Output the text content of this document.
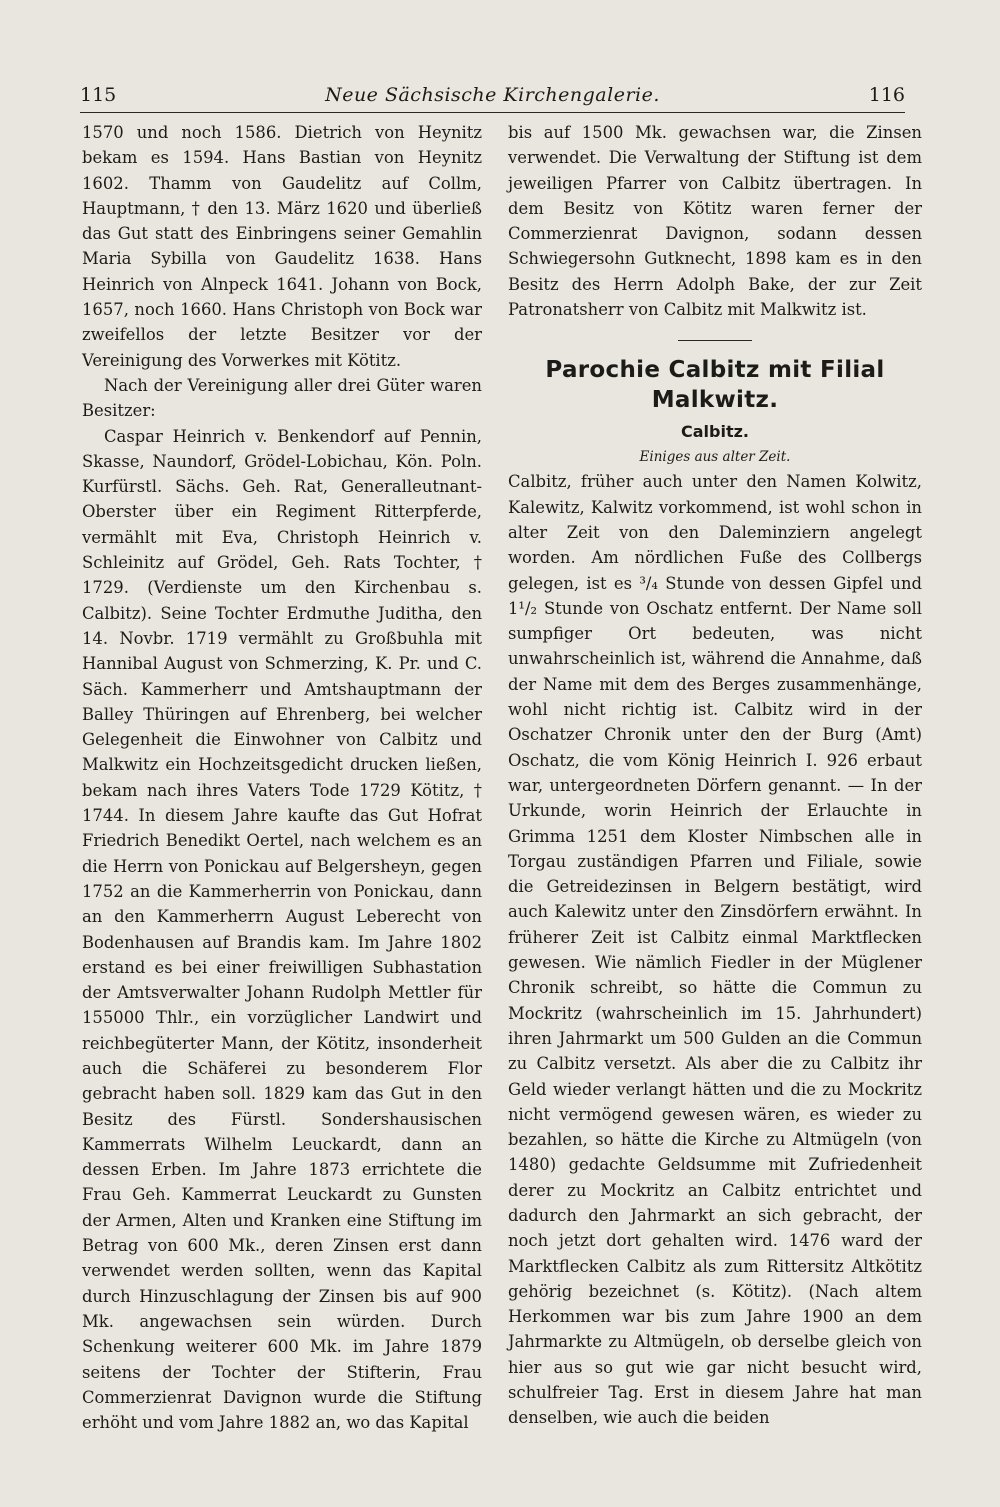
115	Neue Sächsische Kirchengalerie.	116

1570 und noch 1586. Dietrich von Heynitz bekam es 1594. Hans Bastian von Heynitz 1602. Thamm von Gaudelitz auf Collm, Hauptmann, † den 13. März 1620 und überließ das Gut statt des Einbringens seiner Gemahlin Maria Sybilla von Gaudelitz 1638. Hans Heinrich von Alnpeck 1641. Johann von Bock, 1657, noch 1660. Hans Christoph von Bock war zweifellos der letzte Besitzer vor der Vereinigung des Vorwerkes mit Kötitz.

Nach der Vereinigung aller drei Güter waren Besitzer:

Caspar Heinrich v. Benkendorf auf Pennin, Skasse, Naundorf, Grödel-Lobichau, Kön. Poln. Kurfürstl. Sächs. Geh. Rat, Generalleutnant-Oberster über ein Regiment Ritterpferde, vermählt mit Eva, Christoph Heinrich v. Schleinitz auf Grödel, Geh. Rats Tochter, † 1729. (Verdienste um den Kirchenbau s. Calbitz). Seine Tochter Erdmuthe Juditha, den 14. Novbr. 1719 vermählt zu Großbuhla mit Hannibal August von Schmerzing, K. Pr. und C. Säch. Kammerherr und Amtshauptmann der Balley Thüringen auf Ehrenberg, bei welcher Gelegenheit die Einwohner von Calbitz und Malkwitz ein Hochzeitsgedicht drucken ließen, bekam nach ihres Vaters Tode 1729 Kötitz, † 1744. In diesem Jahre kaufte das Gut Hofrat Friedrich Benedikt Oertel, nach welchem es an die Herrn von Ponickau auf Belgersheyn, gegen 1752 an die Kammerherrin von Ponickau, dann an den Kammerherrn August Leberecht von Bodenhausen auf Brandis kam. Im Jahre 1802 erstand es bei einer freiwilligen Subhastation der Amtsverwalter Johann Rudolph Mettler für 155000 Thlr., ein vorzüglicher Landwirt und reichbegüterter Mann, der Kötitz, insonderheit auch die Schäferei zu besonderem Flor gebracht haben soll. 1829 kam das Gut in den Besitz des Fürstl. Sondershausischen Kammerrats Wilhelm Leuckardt, dann an dessen Erben. Im Jahre 1873 errichtete die Frau Geh. Kammerrat Leuckardt zu Gunsten der Armen, Alten und Kranken eine Stiftung im Betrag von 600 Mk., deren Zinsen erst dann verwendet werden sollten, wenn das Kapital durch Hinzuschlagung der Zinsen bis auf 900 Mk. angewachsen sein würden. Durch Schenkung weiterer 600 Mk. im Jahre 1879 seitens der Tochter der Stifterin, Frau Commerzienrat Davignon wurde die Stiftung erhöht und vom Jahre 1882 an, wo das Kapital

bis auf 1500 Mk. gewachsen war, die Zinsen verwendet. Die Verwaltung der Stiftung ist dem jeweiligen Pfarrer von Calbitz übertragen. In dem Besitz von Kötitz waren ferner der Commerzienrat Davignon, sodann dessen Schwiegersohn Gutknecht, 1898 kam es in den Besitz des Herrn Adolph Bake, der zur Zeit Patronatsherr von Calbitz mit Malkwitz ist.

Parochie Calbitz mit Filial Malkwitz.
Calbitz.
Einiges aus alter Zeit.

Calbitz, früher auch unter den Namen Kolwitz, Kalewitz, Kalwitz vorkommend, ist wohl schon in alter Zeit von den Daleminziern angelegt worden. Am nördlichen Fuße des Collbergs gelegen, ist es ³/₄ Stunde von dessen Gipfel und 1¹/₂ Stunde von Oschatz entfernt. Der Name soll sumpfiger Ort bedeuten, was nicht unwahrscheinlich ist, während die Annahme, daß der Name mit dem des Berges zusammenhänge, wohl nicht richtig ist. Calbitz wird in der Oschatzer Chronik unter den der Burg (Amt) Oschatz, die vom König Heinrich I. 926 erbaut war, untergeordneten Dörfern genannt. — In der Urkunde, worin Heinrich der Erlauchte in Grimma 1251 dem Kloster Nimbschen alle in Torgau zuständigen Pfarren und Filiale, sowie die Getreidezinsen in Belgern bestätigt, wird auch Kalewitz unter den Zinsdörfern erwähnt. In früherer Zeit ist Calbitz einmal Marktflecken gewesen. Wie nämlich Fiedler in der Müglener Chronik schreibt, so hätte die Commun zu Mockritz (wahrscheinlich im 15. Jahrhundert) ihren Jahrmarkt um 500 Gulden an die Commun zu Calbitz versetzt. Als aber die zu Calbitz ihr Geld wieder verlangt hätten und die zu Mockritz nicht vermögend gewesen wären, es wieder zu bezahlen, so hätte die Kirche zu Altmügeln (von 1480) gedachte Geldsumme mit Zufriedenheit derer zu Mockritz an Calbitz entrichtet und dadurch den Jahrmarkt an sich gebracht, der noch jetzt dort gehalten wird. 1476 ward der Marktflecken Calbitz als zum Rittersitz Altkötitz gehörig bezeichnet (s. Kötitz). (Nach altem Herkommen war bis zum Jahre 1900 an dem Jahrmarkte zu Altmügeln, ob derselbe gleich von hier aus so gut wie gar nicht besucht wird, schulfreier Tag. Erst in diesem Jahre hat man denselben, wie auch die beiden
